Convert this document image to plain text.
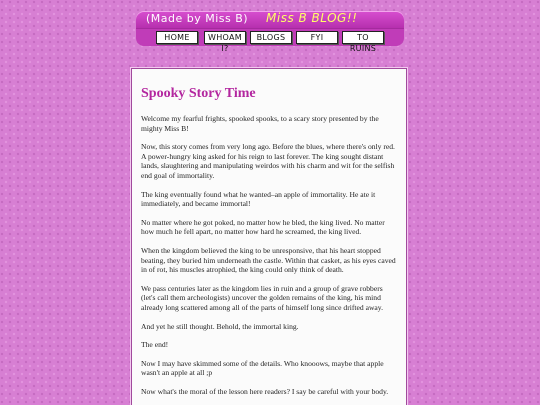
(Made by Miss B) Miss B BLOG!!
HOME	WHOAM I?
BLOGS	FYI	TO RUINS
Spooky Story Time

Welcome my fearful frights, spooked spooks, to a scary story presented by the mighty Miss B!

Now, this story comes from very long ago. Before the blues, where there's only red. A power-hungry king asked for his reign to last forever. The king sought distant lands, slaughtering and manipulating weirdos with his charm and wit for the selfish end goal of immortality.

The king eventually found what he wanted–an apple of immortality. He ate it immediately, and became immortal!

No matter where he got poked, no matter how he bled, the king lived. No matter how much he fell apart, no matter how hard he screamed, the king lived.

When the kingdom believed the king to be unresponsive, that his heart stopped beating, they buried him underneath the castle. Within that casket, as his eyes caved in of rot, his muscles atrophied, the king could only think of death.

We pass centuries later as the kingdom lies in ruin and a group of grave robbers (let's call them archeologists) uncover the golden remains of the king, his mind already long scattered among all of the parts of himself long since drifted away.

And yet he still thought. Behold, the immortal king.

The end!

Now I may have skimmed some of the details. Who knooows, maybe that apple wasn't an apple at all ;p

Now what's the moral of the lesson here readers? I say be careful with your body.
